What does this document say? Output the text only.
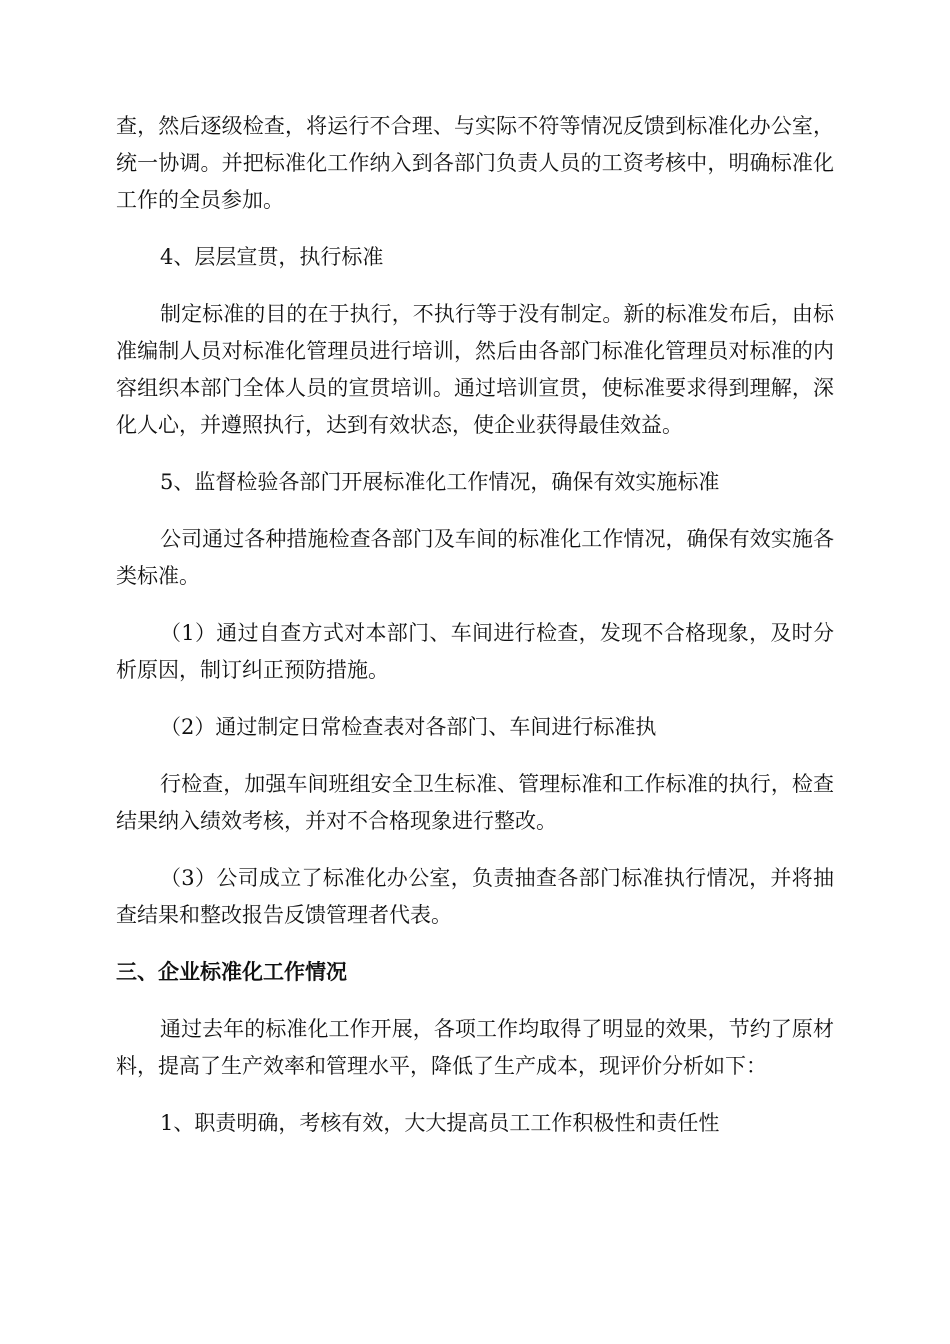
查，然后逐级检查，将运行不合理、与实际不符等情况反馈到标准化办公室，统一协调。并把标准化工作纳入到各部门负责人员的工资考核中，明确标准化工作的全员参加。

4、层层宣贯，执行标准

制定标准的目的在于执行，不执行等于没有制定。新的标准发布后，由标准编制人员对标准化管理员进行培训，然后由各部门标准化管理员对标准的内容组织本部门全体人员的宣贯培训。通过培训宣贯，使标准要求得到理解，深化人心，并遵照执行，达到有效状态，使企业获得最佳效益。

5、监督检验各部门开展标准化工作情况，确保有效实施标准

公司通过各种措施检查各部门及车间的标准化工作情况，确保有效实施各类标准。

（1）通过自查方式对本部门、车间进行检查，发现不合格现象，及时分析原因，制订纠正预防措施。

（2）通过制定日常检查表对各部门、车间进行标准执

行检查，加强车间班组安全卫生标准、管理标准和工作标准的执行，检查结果纳入绩效考核，并对不合格现象进行整改。

（3）公司成立了标准化办公室，负责抽查各部门标准执行情况，并将抽查结果和整改报告反馈管理者代表。

三、企业标准化工作情况

通过去年的标准化工作开展，各项工作均取得了明显的效果，节约了原材料，提高了生产效率和管理水平，降低了生产成本，现评价分析如下：

1、职责明确，考核有效，大大提高员工工作积极性和责任性
